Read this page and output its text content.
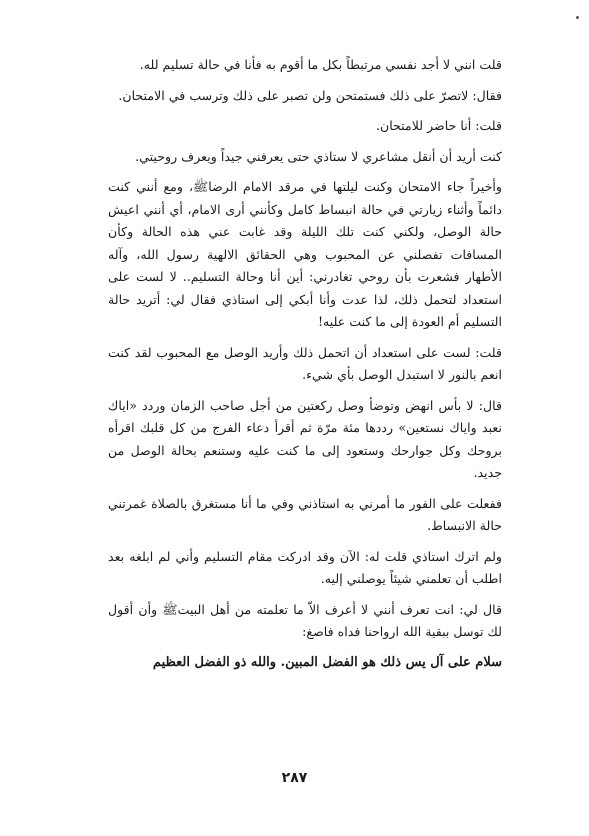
قلت انني لا أجد نفسي مرتبطاً بكل ما أقوم به فأنا في حالة تسليم لله.

فقال: لاتصرّ على ذلك فستمتحن ولن تصبر على ذلك وترسب في الامتحان.

قلت: أنا حاضر للامتحان.

كنت أريد أن أنقل مشاعري لا ستاذي حتى يعرفني جيداً ويعرف روحيتي.

وأخيراً جاء الامتحان وكنت ليلتها في مرقد الامام الرضاﷺ، ومع أنني كنت دائماً وأثناء زيارتي في حالة انبساط كامل وكأنني أرى الامام، أي أنني اعيش حالة الوصل، ولكني كنت تلك الليلة وقد غابت عني هذه الحالة وكأن المسافات تفصلني عن المحبوب وهي الحقائق الالهية رسول الله، وآله الأطهار فشعرت بأن روحي تغادرني: أين أنا وحالة التسليم.. لا لست على استعداد لتحمل ذلك، لذا عدت وأنا أبكي إلى استاذي فقال لي: أتريد حالة التسليم أم العودة إلى ما كنت عليه!

قلت: لست على استعداد أن اتحمل ذلك وأريد الوصل مع المحبوب لقد كنت انعم بالنور لا استبدل الوصل بأي شيء.

قال: لا بأس انهض وتوضأ وصل ركعتين من أجل صاحب الزمان وردد «اياك نعبد واياك نستعين» رددها مئة مرّة ثم أقرأ دعاء الفرج من كل قلبك اقرأه بروحك وكل جوارحك وستعود إلى ما كنت عليه وستنعم بحالة الوصل من جديد.

ففعلت على الفور ما أمرني به استاذني وفي ما أنا مستغرق بالصلاة غمرتني حالة الانبساط.

ولم اترك استاذي قلت له: الآن وقد ادركت مقام التسليم وأني لم ابلغه بعد اطلب أن تعلمني شيئاً يوصلني إليه.

قال لي: انت تعرف أنني لا أعرف الاّ ما تعلمته من أهل البيتﷺ وأن أقول لك توسل ببقية الله ارواحنا فداه فاصغ:

سلام على آل يس ذلك هو الفضل المبين. والله ذو الفضل العظيم

٢٨٧
